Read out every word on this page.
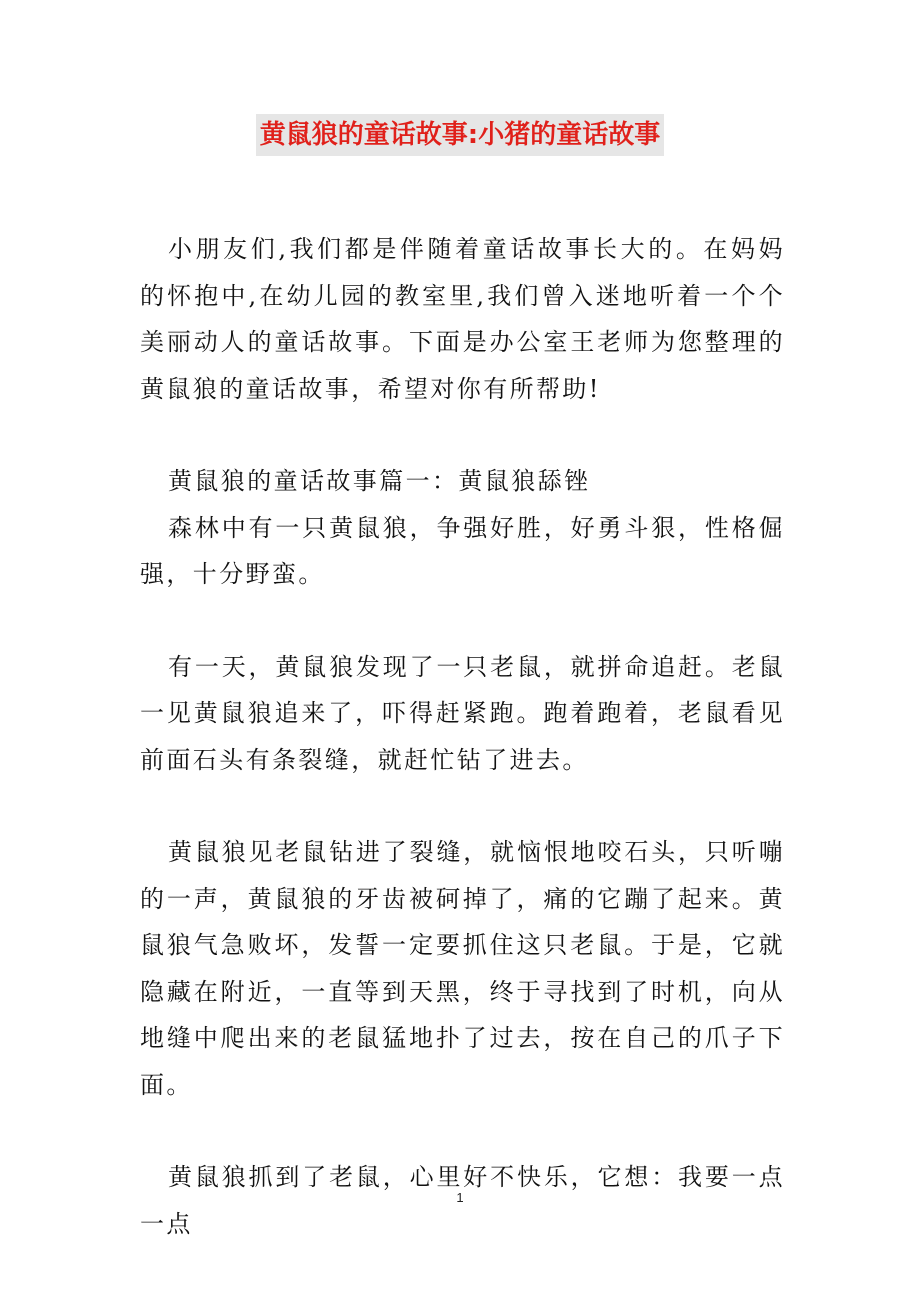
黄鼠狼的童话故事:小猪的童话故事

小朋友们,我们都是伴随着童话故事长大的。在妈妈的怀抱中,在幼儿园的教室里,我们曾入迷地听着一个个美丽动人的童话故事。下面是办公室王老师为您整理的黄鼠狼的童话故事，希望对你有所帮助!

黄鼠狼的童话故事篇一：黄鼠狼舔锉

森林中有一只黄鼠狼，争强好胜，好勇斗狠，性格倔强，十分野蛮。

有一天，黄鼠狼发现了一只老鼠，就拼命追赶。老鼠一见黄鼠狼追来了，吓得赶紧跑。跑着跑着，老鼠看见前面石头有条裂缝，就赶忙钻了进去。

黄鼠狼见老鼠钻进了裂缝，就恼恨地咬石头，只听嘣的一声，黄鼠狼的牙齿被砢掉了，痛的它蹦了起来。黄鼠狼气急败坏，发誓一定要抓住这只老鼠。于是，它就隐藏在附近，一直等到天黑，终于寻找到了时机，向从地缝中爬出来的老鼠猛地扑了过去，按在自己的爪子下面。

黄鼠狼抓到了老鼠，心里好不快乐，它想：我要一点一点

1
